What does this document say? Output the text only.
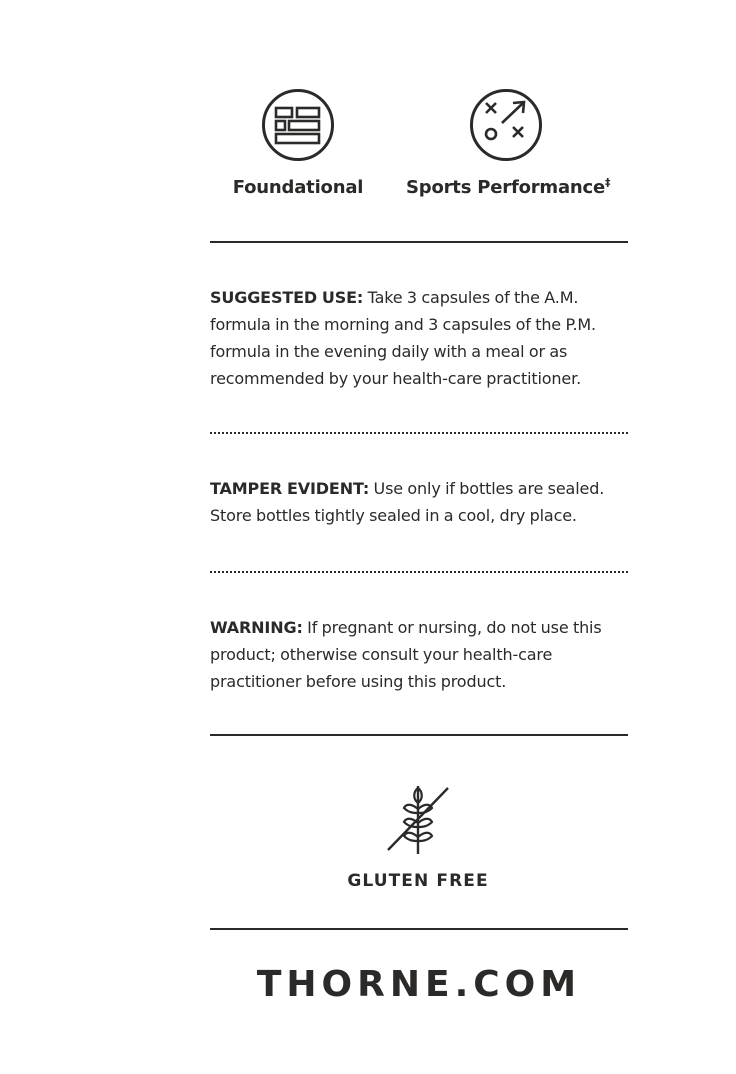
Foundational	Sports Performance‡
SUGGESTED USE: Take 3 capsules of the A.M. formula in the morning and 3 capsules of the P.M. formula in the evening daily with a meal or as recommended by your health-care practitioner.
TAMPER EVIDENT: Use only if bottles are sealed. Store bottles tightly sealed in a cool, dry place.
WARNING: If pregnant or nursing, do not use this product; otherwise consult your health-care practitioner before using this product.
GLUTEN FREE
THORNE.COM
